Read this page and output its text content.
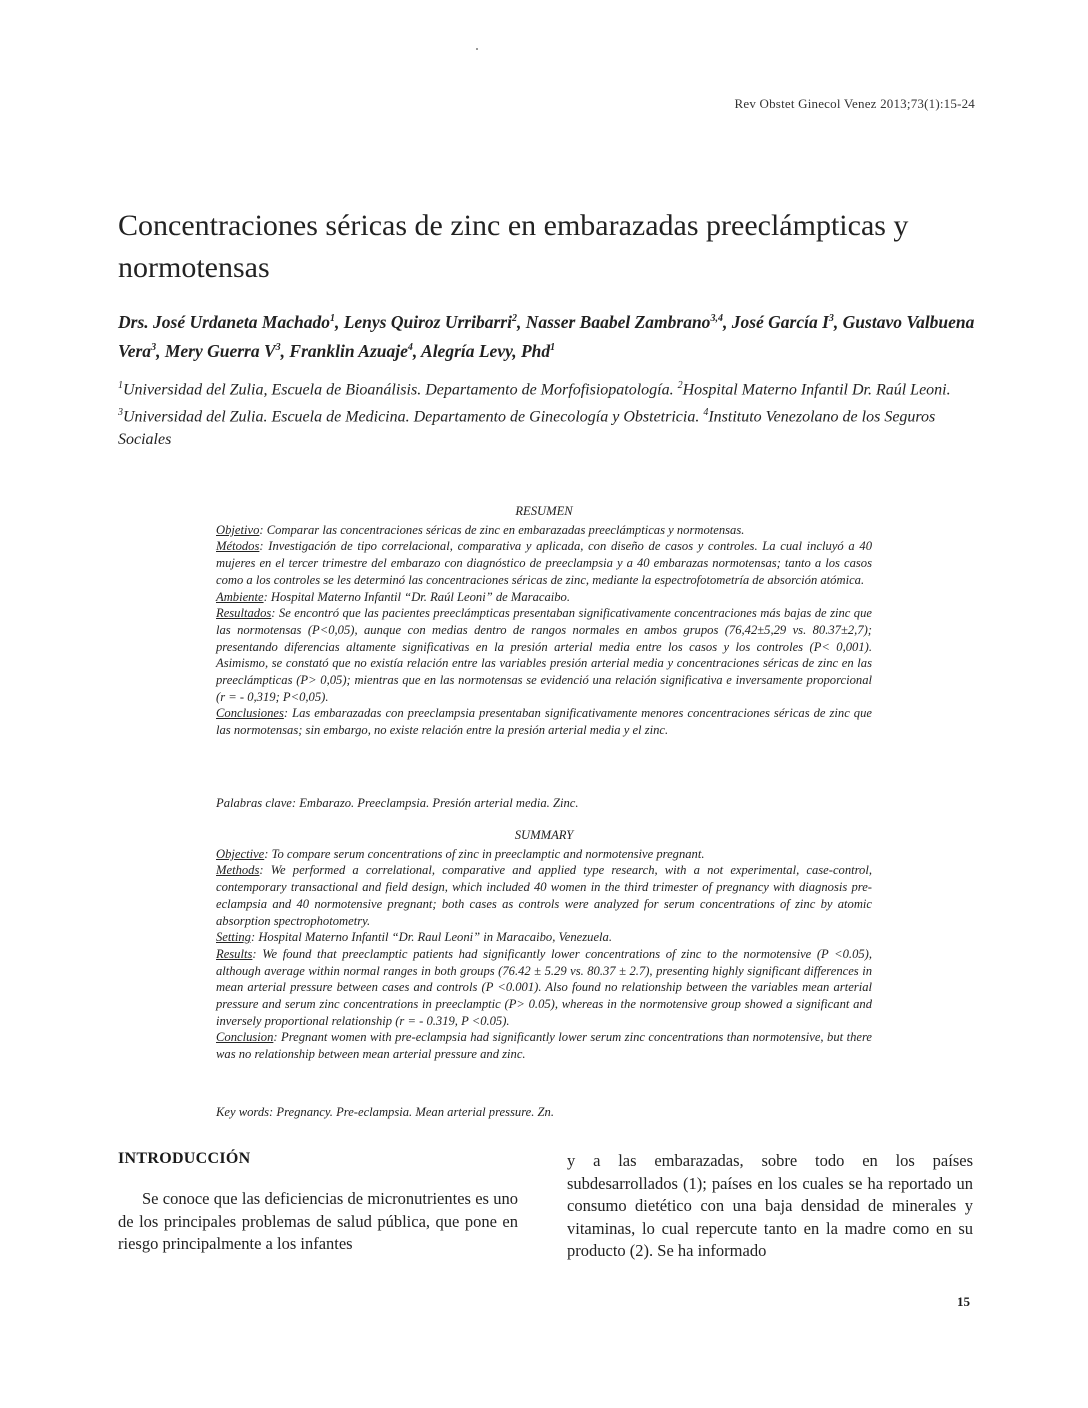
Rev Obstet Ginecol Venez 2013;73(1):15-24
Concentraciones séricas de zinc en embarazadas preeclámpticas y normotensas
Drs. José Urdaneta Machado$^1$, Lenys Quiroz Urribarri$^2$, Nasser Baabel Zambrano$^{3,4}$, José García $I^3$, Gustavo Valbuena Vera$^3$, Mery Guerra $V^3$, Franklin Azuaje$^4$, Alegría Levy, Phd$^1$
$^1$Universidad del Zulia, Escuela de Bioanálisis. Departamento de Morfofisiopatología. $^2$Hospital Materno Infantil Dr. Raúl Leoni. $^3$Universidad del Zulia. Escuela de Medicina. Departamento de Ginecología y Obstetricia. $^4$Instituto Venezolano de los Seguros Sociales
RESUMEN
Objetivo: Comparar las concentraciones séricas de zinc en embarazadas preeclámpticas y normotensas.
Métodos: Investigación de tipo correlacional, comparativa y aplicada, con diseño de casos y controles. La cual incluyó a 40 mujeres en el tercer trimestre del embarazo con diagnóstico de preeclampsia y a 40 embarazas normotensas; tanto a los casos como a los controles se les determinó las concentraciones séricas de zinc, mediante la espectrofotometría de absorción atómica.
Ambiente: Hospital Materno Infantil “Dr. Raúl Leoni” de Maracaibo.
Resultados: Se encontró que las pacientes preeclámpticas presentaban significativamente concentraciones más bajas de zinc que las normotensas (P<0,05), aunque con medias dentro de rangos normales en ambos grupos (76,42±5,29 vs. 80.37±2,7); presentando diferencias altamente significativas en la presión arterial media entre los casos y los controles (P< 0,001). Asimismo, se constató que no existía relación entre las variables presión arterial media y concentraciones séricas de zinc en las preeclámpticas (P> 0,05); mientras que en las normotensas se evidenció una relación significativa e inversamente proporcional (r = - 0,319; P<0,05).
Conclusiones: Las embarazadas con preeclampsia presentaban significativamente menores concentraciones séricas de zinc que las normotensas; sin embargo, no existe relación entre la presión arterial media y el zinc.
Palabras clave: Embarazo. Preeclampsia. Presión arterial media. Zinc.
SUMMARY
Objective: To compare serum concentrations of zinc in preeclamptic and normotensive pregnant.
Methods: We performed a correlational, comparative and applied type research, with a not experimental, case-control, contemporary transactional and field design, which included 40 women in the third trimester of pregnancy with diagnosis pre-eclampsia and 40 normotensive pregnant; both cases as controls were analyzed for serum concentrations of zinc by atomic absorption spectrophotometry.
Setting: Hospital Materno Infantil “Dr. Raul Leoni” in Maracaibo, Venezuela.
Results: We found that preeclamptic patients had significantly lower concentrations of zinc to the normotensive (P <0.05), although average within normal ranges in both groups (76.42 ± 5.29 vs. 80.37 ± 2.7), presenting highly significant differences in mean arterial pressure between cases and controls (P <0.001). Also found no relationship between the variables mean arterial pressure and serum zinc concentrations in preeclamptic (P> 0.05), whereas in the normotensive group showed a significant and inversely proportional relationship (r = - 0.319, P <0.05).
Conclusion: Pregnant women with pre-eclampsia had significantly lower serum zinc concentrations than normotensive, but there was no relationship between mean arterial pressure and zinc.
Key words: Pregnancy. Pre-eclampsia. Mean arterial pressure. Zn.
INTRODUCCIÓN

Se conoce que las deficiencias de micronutrientes es uno de los principales problemas de salud pública, que pone en riesgo principalmente a los infantes

y a las embarazadas, sobre todo en los países subdesarrollados (1); países en los cuales se ha reportado un consumo dietético con una baja densidad de minerales y vitaminas, lo cual repercute tanto en la madre como en su producto (2). Se ha informado

15
